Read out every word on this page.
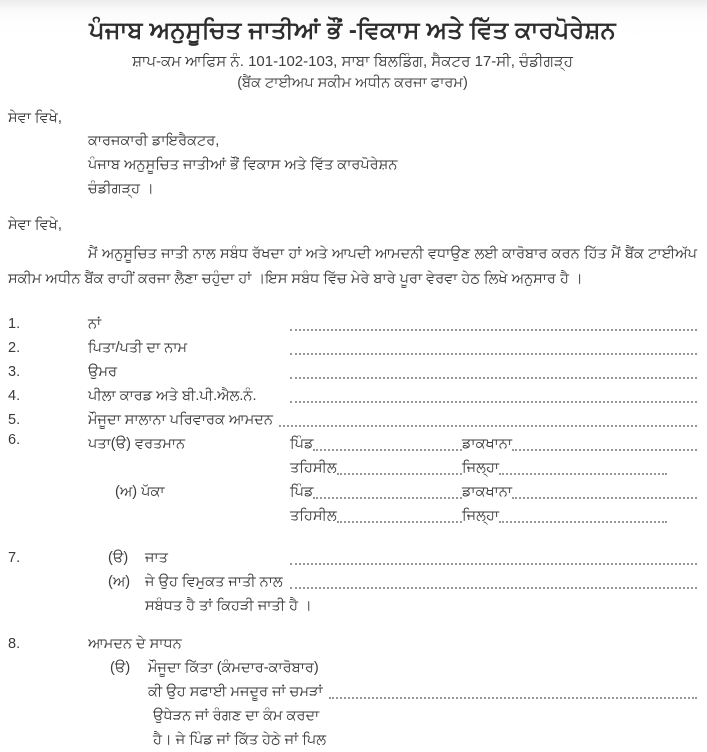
ਪੰਜਾਬ ਅਨੁਸੂਚਿਤ ਜਾਤੀਆਂ ਭੌਂ -ਵਿਕਾਸ ਅਤੇ ਵਿੱਤ ਕਾਰਪੋਰੇਸ਼ਨ
ਸ਼ਾਪ-ਕਮ ਆਫਿਸ ਨੰ. 101-102-103, ਸਾਬਾ ਬਿਲਡਿੰਗ, ਸੈਕਟਰ 17-ਸੀ, ਚੰਡੀਗੜ੍ਹ
(ਬੈਂਕ ਟਾਈਅਪ ਸਕੀਮ ਅਧੀਨ ਕਰਜਾ ਫਾਰਮ)
ਸੇਵਾ ਵਿਖੇ,
ਕਾਰਜਕਾਰੀ ਡਾਇਰੈਕਟਰ,
ਪੰਜਾਬ ਅਨੁਸੂਚਿਤ ਜਾਤੀਆਂ ਭੌਂ ਵਿਕਾਸ ਅਤੇ ਵਿੱਤ ਕਾਰਪੋਰੇਸ਼ਨ
ਚੰਡੀਗੜ੍ਹ ।
ਸੇਵਾ ਵਿਖੇ,

ਮੈਂ ਅਨੁਸੂਚਿਤ ਜਾਤੀ ਨਾਲ ਸਬੰਧ ਰੱਖਦਾ ਹਾਂ ਅਤੇ ਆਪਦੀ ਆਮਦਨੀ ਵਧਾਉਣ ਲਈ ਕਾਰੋਬਾਰ ਕਰਨ ਹਿੱਤ ਮੈਂ ਬੈਂਕ ਟਾਈਅੱਪ ਸਕੀਮ ਅਧੀਨ ਬੈਂਕ ਰਾਹੀਂ ਕਰਜਾ ਲੈਣਾ ਚਹੁੰਦਾ ਹਾਂ ।ਇਸ ਸਬੰਧ ਵਿੱਚ ਮੇਰੇ ਬਾਰੇ ਪੂਰਾ ਵੇਰਵਾ ਹੇਠ ਲਿਖੇ ਅਨੁਸਾਰ ਹੈ ।

1.	ਨਾਂ
2.	ਪਿਤਾ/ਪਤੀ ਦਾ ਨਾਮ
3.	ਉਮਰ
4.	ਪੀਲਾ ਕਾਰਡ ਅਤੇ ਬੀ.ਪੀ.ਐਲ.ਨੰ.
5.	ਮੌਜੂਦਾ ਸਾਲਾਨਾ ਪਰਿਵਾਰਕ ਆਮਦਨ
6.	ਪਤਾ(ੳ) ਵਰਤਮਾਨ

(ਅ) ਪੱਕਾ

ਪਿੰਡ	ਡਾਕਖਾਨਾ
ਤਹਿਸੀਲ	ਜਿਲ੍ਹਾ
ਪਿੰਡ	ਡਾਕਖਾਨਾ
ਤਹਿਸੀਲ	ਜਿਲ੍ਹਾ
7.	(ੳ)	ਜਾਤ
(ਅ)	ਜੇ ਉਹ ਵਿਮੁਕਤ ਜਾਤੀ ਨਾਲ
ਸਬੰਧਤ ਹੈ ਤਾਂ ਕਿਹੜੀ ਜਾਤੀ ਹੈ ।
8.	ਆਮਦਨ ਦੇ ਸਾਧਨ
(ੳ)	ਮੌਜੂਦਾ ਕਿੱਤਾ (ਕੰਮਦਾਰ-ਕਾਰੋਬਾਰ)
ਕੀ ਉਹ ਸਫਾਈ ਮਜਦੂਰ ਜਾਂ ਚਮੜਾਂ
ਉਧੇੜਨ ਜਾਂ ਰੰਗਣ ਦਾ ਕੰਮ ਕਰਦਾ
ਹੈ। ਜੇ ਪਿੰਡ ਜਾਂ ਕਿੱਤ ਹੇਠੇ ਜਾਂ ਪਿਲ
